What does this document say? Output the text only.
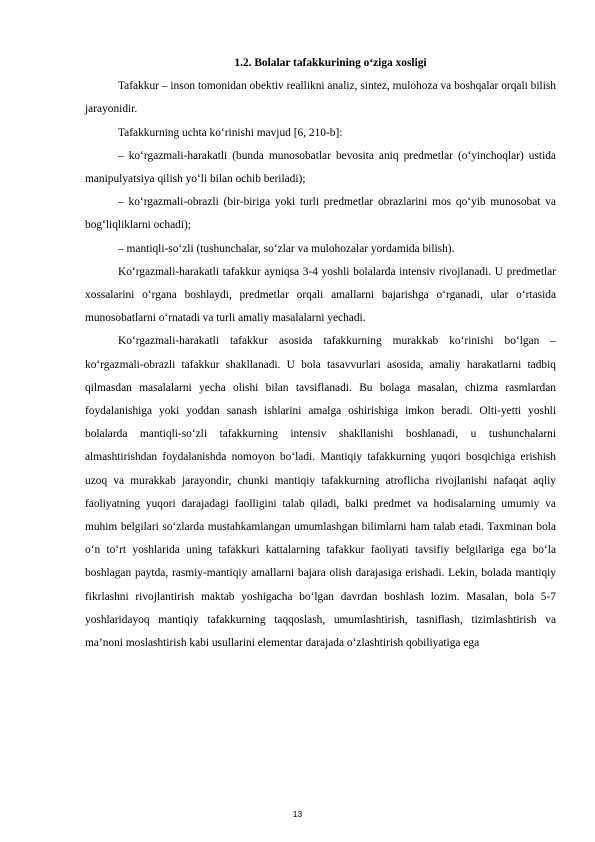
1.2. Bolalar tafakkurining o‘ziga xosligi

Tafakkur – inson tomonidan obektiv reallikni analiz, sintez, mulohoza va boshqalar orqali bilish jarayonidir.

Tafakkurning uchta ko‘rinishi mavjud [6, 210-b]:

– ko‘rgazmali-harakatli (bunda munosobatlar bevosita aniq predmetlar (o‘yinchoqlar) ustida manipulyatsiya qilish yo‘li bilan ochib beriladi);

– ko‘rgazmali-obrazli (bir-biriga yoki turli predmetlar obrazlarini mos qo‘yib munosobat va bog‘liqliklarni ochadi);

– mantiqli-so‘zli (tushunchalar, so‘zlar va mulohozalar yordamida bilish).

Ko‘rgazmali-harakatli tafakkur ayniqsa 3-4 yoshli bolalarda intensiv rivojlanadi. U predmetlar xossalarini o‘rgana boshlaydi, predmetlar orqali amallarni bajarishga o‘rganadi, ular o‘rtasida munosobatlarni o‘rnatadi va turli amaliy masalalarni yechadi.

Ko‘rgazmali-harakatli tafakkur asosida tafakkurning murakkab ko‘rinishi bo‘lgan – ko‘rgazmali-obrazli tafakkur shakllanadi. U bola tasavvurlari asosida, amaliy harakatlarni tadbiq qilmasdan masalalarni yecha olishi bilan tavsiflanadi. Bu bolaga masalan, chizma rasmlardan foydalanishiga yoki yoddan sanash ishlarini amalga oshirishiga imkon beradi. Olti-yetti yoshli bolalarda mantiqli-so‘zli tafakkurning intensiv shakllanishi boshlanadi, u tushunchalarni almashtirishdan foydalanishda nomoyon bo‘ladi. Mantiqiy tafakkurning yuqori bosqichiga erishish uzoq va murakkab jarayondir, chunki mantiqiy tafakkurning atroflicha rivojlanishi nafaqat aqliy faoliyatning yuqori darajadagi faolligini talab qiladi, balki predmet va hodisalarning umumiy va muhim belgilari so‘zlarda mustahkamlangan umumlashgan bilimlarni ham talab etadi. Taxminan bola o‘n to‘rt yoshlarida uning tafakkuri kattalarning tafakkur faoliyati tavsifiy belgilariga ega bo‘la boshlagan paytda, rasmiy-mantiqiy amallarni bajara olish darajasiga erishadi. Lekin, bolada mantiqiy fikrlashni rivojlantirish maktab yoshigacha bo‘lgan davrdan boshlash lozim. Masalan, bola 5-7 yoshlaridayoq mantiqiy tafakkurning taqqoslash, umumlashtirish, tasniflash, tizimlashtirish va ma’noni moslashtirish kabi usullarini elementar darajada o‘zlashtirish qobiliyatiga ega

13
